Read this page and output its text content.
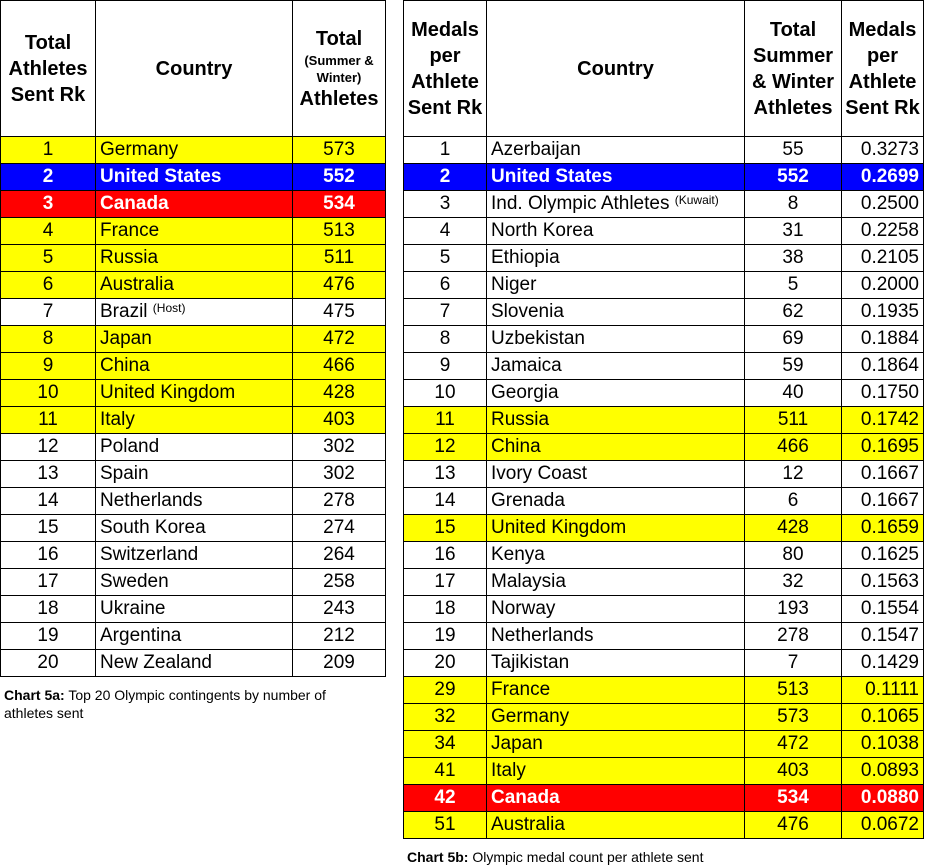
Total Athletes Sent Rk	Country	Total
(Summer & Winter)
Athletes
1	Germany	573
2	United States	552
3	Canada	534
4	France	513
5	Russia	511
6	Australia	476
7	Brazil $^{(Host)}$	475
8	Japan	472
9	China	466
10	United Kingdom	428
11	Italy	403
12	Poland	302
13	Spain	302
14	Netherlands	278
15	South Korea	274
16	Switzerland	264
17	Sweden	258
18	Ukraine	243
19	Argentina	212
20	New Zealand	209
Chart 5a: Top 20 Olympic contingents by number of athletes sent
Medals per Athlete Sent Rk	Country	Total Summer & Winter Athletes	Medals per Athlete Sent Rk
1	Azerbaijan	55	0.3273
2	United States	552	0.2699
3	Ind. Olympic Athletes $^{(Kuwait)}$	8	0.2500
4	North Korea	31	0.2258
5	Ethiopia	38	0.2105
6	Niger	5	0.2000
7	Slovenia	62	0.1935
8	Uzbekistan	69	0.1884
9	Jamaica	59	0.1864
10	Georgia	40	0.1750
11	Russia	511	0.1742
12	China	466	0.1695
13	Ivory Coast	12	0.1667
14	Grenada	6	0.1667
15	United Kingdom	428	0.1659
16	Kenya	80	0.1625
17	Malaysia	32	0.1563
18	Norway	193	0.1554
19	Netherlands	278	0.1547
20	Tajikistan	7	0.1429
29	France	513	0.1111
32	Germany	573	0.1065
34	Japan	472	0.1038
41	Italy	403	0.0893
42	Canada	534	0.0880
51	Australia	476	0.0672
Chart 5b: Olympic medal count per athlete sent
